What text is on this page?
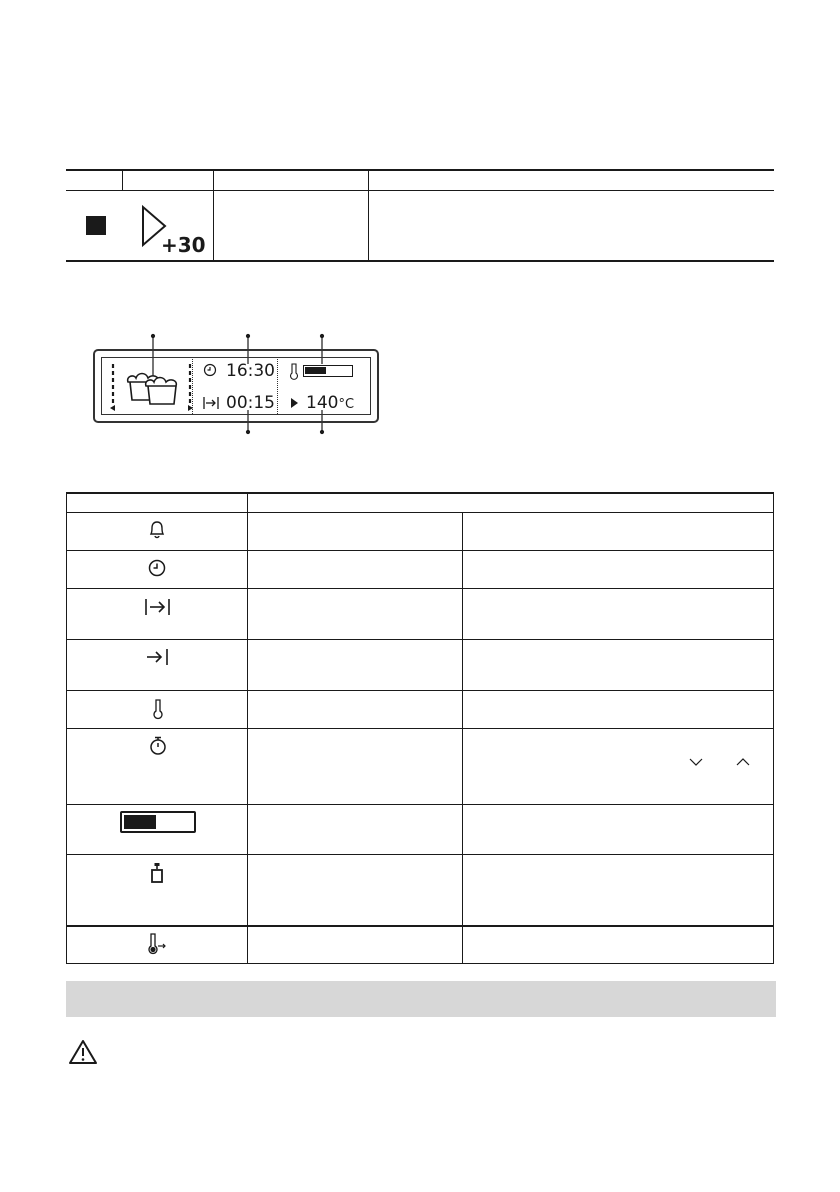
+30
16:30
00:15 140°C
